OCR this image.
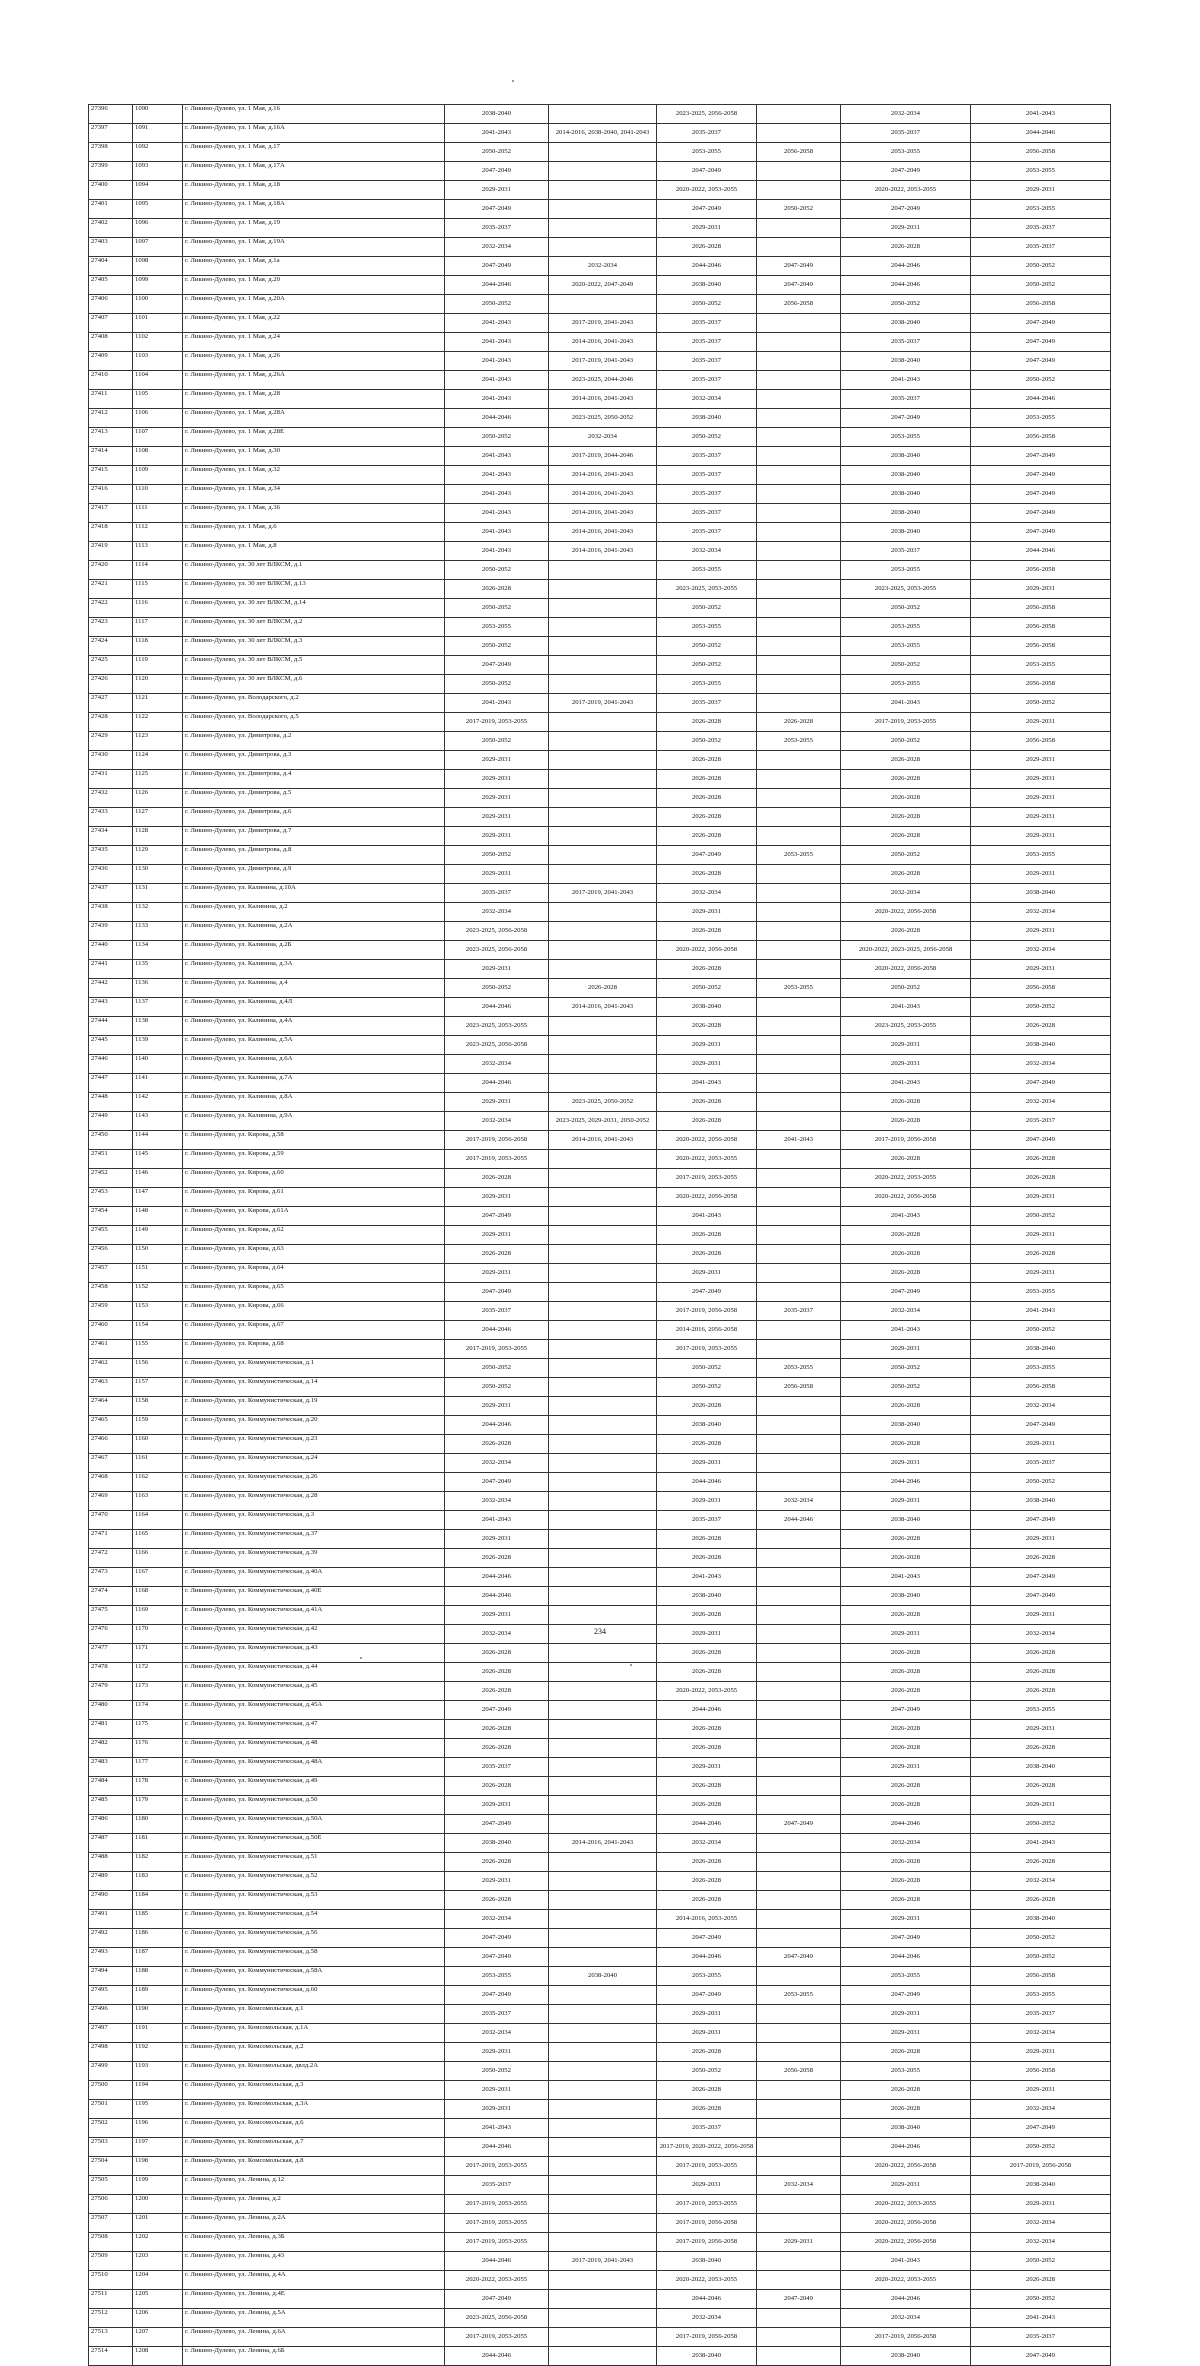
27396	1090	г. Ликино-Дулево, ул. 1 Мая, д.16	2038-2040		2023-2025, 2056-2058		2032-2034	2041-2043
27397	1091	г. Ликино-Дулево, ул. 1 Мая, д.16А	2041-2043	2014-2016, 2038-2040, 2041-2043	2035-2037		2035-2037	2044-2046
27398	1092	г. Ликино-Дулево, ул. 1 Мая, д.17	2050-2052		2053-2055	2056-2058	2053-2055	2056-2058
27399	1093	г. Ликино-Дулево, ул. 1 Мая, д.17А	2047-2049		2047-2049		2047-2049	2053-2055
27400	1094	г. Ликино-Дулево, ул. 1 Мая, д.18	2029-2031		2020-2022, 2053-2055		2020-2022, 2053-2055	2029-2031
27401	1095	г. Ликино-Дулево, ул. 1 Мая, д.18А	2047-2049		2047-2049	2050-2052	2047-2049	2053-2055
27402	1096	г. Ликино-Дулево, ул. 1 Мая, д.19	2035-2037		2029-2031		2029-2031	2035-2037
27403	1097	г. Ликино-Дулево, ул. 1 Мая, д.19А	2032-2034		2026-2028		2026-2028	2035-2037
27404	1098	г. Ликино-Дулево, ул. 1 Мая, д.1а	2047-2049	2032-2034	2044-2046	2047-2049	2044-2046	2050-2052
27405	1099	г. Ликино-Дулево, ул. 1 Мая, д.20	2044-2046	2020-2022, 2047-2049	2038-2040	2047-2049	2044-2046	2050-2052
27406	1100	г. Ликино-Дулево, ул. 1 Мая, д.20А	2050-2052		2050-2052	2056-2058	2050-2052	2056-2058
27407	1101	г. Ликино-Дулево, ул. 1 Мая, д.22	2041-2043	2017-2019, 2041-2043	2035-2037		2038-2040	2047-2049
27408	1102	г. Ликино-Дулево, ул. 1 Мая, д.24	2041-2043	2014-2016, 2041-2043	2035-2037		2035-2037	2047-2049
27409	1103	г. Ликино-Дулево, ул. 1 Мая, д.26	2041-2043	2017-2019, 2041-2043	2035-2037		2038-2040	2047-2049
27410	1104	г. Ликино-Дулево, ул. 1 Мая, д.26А	2041-2043	2023-2025, 2044-2046	2035-2037		2041-2043	2050-2052
27411	1105	г. Ликино-Дулево, ул. 1 Мая, д.28	2041-2043	2014-2016, 2041-2043	2032-2034		2035-2037	2044-2046
27412	1106	г. Ликино-Дулево, ул. 1 Мая, д.28А	2044-2046	2023-2025, 2050-2052	2038-2040		2047-2049	2053-2055
27413	1107	г. Ликино-Дулево, ул. 1 Мая, д.28Е	2050-2052	2032-2034	2050-2052		2053-2055	2056-2058
27414	1108	г. Ликино-Дулево, ул. 1 Мая, д.30	2041-2043	2017-2019, 2044-2046	2035-2037		2038-2040	2047-2049
27415	1109	г. Ликино-Дулево, ул. 1 Мая, д.32	2041-2043	2014-2016, 2041-2043	2035-2037		2038-2040	2047-2049
27416	1110	г. Ликино-Дулево, ул. 1 Мая, д.34	2041-2043	2014-2016, 2041-2043	2035-2037		2038-2040	2047-2049
27417	1111	г. Ликино-Дулево, ул. 1 Мая, д.36	2041-2043	2014-2016, 2041-2043	2035-2037		2038-2040	2047-2049
27418	1112	г. Ликино-Дулево, ул. 1 Мая, д.6	2041-2043	2014-2016, 2041-2043	2035-2037		2038-2040	2047-2049
27419	1113	г. Ликино-Дулево, ул. 1 Мая, д.8	2041-2043	2014-2016, 2041-2043	2032-2034		2035-2037	2044-2046
27420	1114	г. Ликино-Дулево, ул. 30 лет ВЛКСМ, д.1	2050-2052		2053-2055		2053-2055	2056-2058
27421	1115	г. Ликино-Дулево, ул. 30 лет ВЛКСМ, д.13	2026-2028		2023-2025, 2053-2055		2023-2025, 2053-2055	2029-2031
27422	1116	г. Ликино-Дулево, ул. 30 лет ВЛКСМ, д.14	2050-2052		2050-2052		2050-2052	2056-2058
27423	1117	г. Ликино-Дулево, ул. 30 лет ВЛКСМ, д.2	2053-2055		2053-2055		2053-2055	2056-2058
27424	1118	г. Ликино-Дулево, ул. 30 лет ВЛКСМ, д.3	2050-2052		2050-2052		2053-2055	2056-2058
27425	1119	г. Ликино-Дулево, ул. 30 лет ВЛКСМ, д.5	2047-2049		2050-2052		2050-2052	2053-2055
27426	1120	г. Ликино-Дулево, ул. 30 лет ВЛКСМ, д.6	2050-2052		2053-2055		2053-2055	2056-2058
27427	1121	г. Ликино-Дулево, ул. Володарского, д.2	2041-2043	2017-2019, 2041-2043	2035-2037		2041-2043	2050-2052
27428	1122	г. Ликино-Дулево, ул. Володарского, д.5	2017-2019, 2053-2055		2026-2028	2026-2028	2017-2019, 2053-2055	2029-2031
27429	1123	г. Ликино-Дулево, ул. Димитрова, д.2	2050-2052		2050-2052	2053-2055	2050-2052	2056-2058
27430	1124	г. Ликино-Дулево, ул. Димитрова, д.3	2029-2031		2026-2028		2026-2028	2029-2031
27431	1125	г. Ликино-Дулево, ул. Димитрова, д.4	2029-2031		2026-2028		2026-2028	2029-2031
27432	1126	г. Ликино-Дулево, ул. Димитрова, д.5	2029-2031		2026-2028		2026-2028	2029-2031
27433	1127	г. Ликино-Дулево, ул. Димитрова, д.6	2029-2031		2026-2028		2026-2028	2029-2031
27434	1128	г. Ликино-Дулево, ул. Димитрова, д.7	2029-2031		2026-2028		2026-2028	2029-2031
27435	1129	г. Ликино-Дулево, ул. Димитрова, д.8	2050-2052		2047-2049	2053-2055	2050-2052	2053-2055
27436	1130	г. Ликино-Дулево, ул. Димитрова, д.9	2029-2031		2026-2028		2026-2028	2029-2031
27437	1131	г. Ликино-Дулево, ул. Калинина, д.10А	2035-2037	2017-2019, 2041-2043	2032-2034		2032-2034	2038-2040
27438	1132	г. Ликино-Дулево, ул. Калинина, д.2	2032-2034		2029-2031		2020-2022, 2056-2058	2032-2034
27439	1133	г. Ликино-Дулево, ул. Калинина, д.2А	2023-2025, 2056-2058		2026-2028		2026-2028	2029-2031
27440	1134	г. Ликино-Дулево, ул. Калинина, д.2Б	2023-2025, 2056-2058		2020-2022, 2056-2058		2020-2022, 2023-2025, 2056-2058	2032-2034
27441	1135	г. Ликино-Дулево, ул. Калинина, д.3А	2029-2031		2026-2028		2020-2022, 2056-2058	2029-2031
27442	1136	г. Ликино-Дулево, ул. Калинина, д.4	2050-2052	2026-2028	2050-2052	2053-2055	2050-2052	2056-2058
27443	1137	г. Ликино-Дулево, ул. Калинина, д.4Л	2044-2046	2014-2016, 2041-2043	2038-2040		2041-2043	2050-2052
27444	1138	г. Ликино-Дулево, ул. Калинина, д.4А	2023-2025, 2053-2055		2026-2028		2023-2025, 2053-2055	2026-2028
27445	1139	г. Ликино-Дулево, ул. Калинина, д.5А	2023-2025, 2056-2058		2029-2031		2029-2031	2038-2040
27446	1140	г. Ликино-Дулево, ул. Калинина, д.6А	2032-2034		2029-2031		2029-2031	2032-2034
27447	1141	г. Ликино-Дулево, ул. Калинина, д.7А	2044-2046		2041-2043		2041-2043	2047-2049
27448	1142	г. Ликино-Дулево, ул. Калинина, д.8А	2029-2031	2023-2025, 2050-2052	2026-2028		2026-2028	2032-2034
27449	1143	г. Ликино-Дулево, ул. Калинина, д.9А	2032-2034	2023-2025, 2029-2031, 2050-2052	2026-2028		2026-2028	2035-2037
27450	1144	г. Ликино-Дулево, ул. Кирова, д.58	2017-2019, 2056-2058	2014-2016, 2041-2043	2020-2022, 2056-2058	2041-2043	2017-2019, 2056-2058	2047-2049
27451	1145	г. Ликино-Дулево, ул. Кирова, д.59	2017-2019, 2053-2055		2020-2022, 2053-2055		2026-2028	2026-2028
27452	1146	г. Ликино-Дулево, ул. Кирова, д.60	2026-2028		2017-2019, 2053-2055		2020-2022, 2053-2055	2026-2028
27453	1147	г. Ликино-Дулево, ул. Кирова, д.61	2029-2031		2020-2022, 2056-2058		2020-2022, 2056-2058	2029-2031
27454	1148	г. Ликино-Дулево, ул. Кирова, д.61А	2047-2049		2041-2043		2041-2043	2050-2052
27455	1149	г. Ликино-Дулево, ул. Кирова, д.62	2029-2031		2026-2028		2026-2028	2029-2031
27456	1150	г. Ликино-Дулево, ул. Кирова, д.63	2026-2028		2026-2028		2026-2028	2026-2028
27457	1151	г. Ликино-Дулево, ул. Кирова, д.64	2029-2031		2029-2031		2026-2028	2029-2031
27458	1152	г. Ликино-Дулево, ул. Кирова, д.65	2047-2049		2047-2049		2047-2049	2053-2055
27459	1153	г. Ликино-Дулево, ул. Кирова, д.66	2035-2037		2017-2019, 2056-2058	2035-2037	2032-2034	2041-2043
27460	1154	г. Ликино-Дулево, ул. Кирова, д.67	2044-2046		2014-2016, 2056-2058		2041-2043	2050-2052
27461	1155	г. Ликино-Дулево, ул. Кирова, д.68	2017-2019, 2053-2055		2017-2019, 2053-2055		2029-2031	2038-2040
27462	1156	г. Ликино-Дулево, ул. Коммунистическая, д.1	2050-2052		2050-2052	2053-2055	2050-2052	2053-2055
27463	1157	г. Ликино-Дулево, ул. Коммунистическая, д.14	2050-2052		2050-2052	2056-2058	2050-2052	2056-2058
27464	1158	г. Ликино-Дулево, ул. Коммунистическая, д.19	2029-2031		2026-2028		2026-2028	2032-2034
27465	1159	г. Ликино-Дулево, ул. Коммунистическая, д.20	2044-2046		2038-2040		2038-2040	2047-2049
27466	1160	г. Ликино-Дулево, ул. Коммунистическая, д.23	2026-2028		2026-2028		2026-2028	2029-2031
27467	1161	г. Ликино-Дулево, ул. Коммунистическая, д.24	2032-2034		2029-2031		2029-2031	2035-2037
27468	1162	г. Ликино-Дулево, ул. Коммунистическая, д.26	2047-2049		2044-2046		2044-2046	2050-2052
27469	1163	г. Ликино-Дулево, ул. Коммунистическая, д.28	2032-2034		2029-2031	2032-2034	2029-2031	2038-2040
27470	1164	г. Ликино-Дулево, ул. Коммунистическая, д.3	2041-2043		2035-2037	2044-2046	2038-2040	2047-2049
27471	1165	г. Ликино-Дулево, ул. Коммунистическая, д.37	2029-2031		2026-2028		2026-2028	2029-2031
27472	1166	г. Ликино-Дулево, ул. Коммунистическая, д.39	2026-2028		2026-2028		2026-2028	2026-2028
27473	1167	г. Ликино-Дулево, ул. Коммунистическая, д.40А	2044-2046		2041-2043		2041-2043	2047-2049
27474	1168	г. Ликино-Дулево, ул. Коммунистическая, д.40Е	2044-2046		2038-2040		2038-2040	2047-2049
27475	1169	г. Ликино-Дулево, ул. Коммунистическая, д.41А	2029-2031		2026-2028		2026-2028	2029-2031
27476	1170	г. Ликино-Дулево, ул. Коммунистическая, д.42	2032-2034		2029-2031		2029-2031	2032-2034
27477	1171	г. Ликино-Дулево, ул. Коммунистическая, д.43	2026-2028		2026-2028		2026-2028	2026-2028
27478	1172	г. Ликино-Дулево, ул. Коммунистическая, д.44	2026-2028		2026-2028		2026-2028	2026-2028
27479	1173	г. Ликино-Дулево, ул. Коммунистическая, д.45	2026-2028		2020-2022, 2053-2055		2026-2028	2026-2028
27480	1174	г. Ликино-Дулево, ул. Коммунистическая, д.45А	2047-2049		2044-2046		2047-2049	2053-2055
27481	1175	г. Ликино-Дулево, ул. Коммунистическая, д.47	2026-2028		2026-2028		2026-2028	2029-2031
27482	1176	г. Ликино-Дулево, ул. Коммунистическая, д.48	2026-2028		2026-2028		2026-2028	2026-2028
27483	1177	г. Ликино-Дулево, ул. Коммунистическая, д.48А	2035-2037		2029-2031		2029-2031	2038-2040
27484	1178	г. Ликино-Дулево, ул. Коммунистическая, д.49	2026-2028		2026-2028		2026-2028	2026-2028
27485	1179	г. Ликино-Дулево, ул. Коммунистическая, д.50	2029-2031		2026-2028		2026-2028	2029-2031
27486	1180	г. Ликино-Дулево, ул. Коммунистическая, д.50А	2047-2049		2044-2046	2047-2049	2044-2046	2050-2052
27487	1181	г. Ликино-Дулево, ул. Коммунистическая, д.50Е	2038-2040	2014-2016, 2041-2043	2032-2034		2032-2034	2041-2043
27488	1182	г. Ликино-Дулево, ул. Коммунистическая, д.51	2026-2028		2026-2028		2026-2028	2026-2028
27489	1183	г. Ликино-Дулево, ул. Коммунистическая, д.52	2029-2031		2026-2028		2026-2028	2032-2034
27490	1184	г. Ликино-Дулево, ул. Коммунистическая, д.53	2026-2028		2026-2028		2026-2028	2026-2028
27491	1185	г. Ликино-Дулево, ул. Коммунистическая, д.54	2032-2034		2014-2016, 2053-2055		2029-2031	2038-2040
27492	1186	г. Ликино-Дулево, ул. Коммунистическая, д.56	2047-2049		2047-2049		2047-2049	2050-2052
27493	1187	г. Ликино-Дулево, ул. Коммунистическая, д.58	2047-2049		2044-2046	2047-2049	2044-2046	2050-2052
27494	1188	г. Ликино-Дулево, ул. Коммунистическая, д.58А	2053-2055	2038-2040	2053-2055		2053-2055	2056-2058
27495	1189	г. Ликино-Дулево, ул. Коммунистическая, д.60	2047-2049		2047-2049	2053-2055	2047-2049	2053-2055
27496	1190	г. Ликино-Дулево, ул. Комсомольская, д.1	2035-2037		2029-2031		2029-2031	2035-2037
27497	1191	г. Ликино-Дулево, ул. Комсомольская, д.1А	2032-2034		2029-2031		2029-2031	2032-2034
27498	1192	г. Ликино-Дулево, ул. Комсомольская, д.2	2029-2031		2026-2028		2026-2028	2029-2031
27499	1193	г. Ликино-Дулево, ул. Комсомольская, двлд.2А	2050-2052		2050-2052	2056-2058	2053-2055	2056-2058
27500	1194	г. Ликино-Дулево, ул. Комсомольская, д.3	2029-2031		2026-2028		2026-2028	2029-2031
27501	1195	г. Ликино-Дулево, ул. Комсомольская, д.3А	2029-2031		2026-2028		2026-2028	2032-2034
27502	1196	г. Ликино-Дулево, ул. Комсомольская, д.6	2041-2043		2035-2037		2038-2040	2047-2049
27503	1197	г. Ликино-Дулево, ул. Комсомольская, д.7	2044-2046		2017-2019, 2020-2022, 2056-2058		2044-2046	2050-2052
27504	1198	г. Ликино-Дулево, ул. Комсомольская, д.8	2017-2019, 2053-2055		2017-2019, 2053-2055		2020-2022, 2056-2058	2017-2019, 2056-2058
27505	1199	г. Ликино-Дулево, ул. Ленина, д.12	2035-2037		2029-2031	2032-2034	2029-2031	2038-2040
27506	1200	г. Ликино-Дулево, ул. Ленина, д.2	2017-2019, 2053-2055		2017-2019, 2053-2055		2020-2022, 2053-2055	2029-2031
27507	1201	г. Ликино-Дулево, ул. Ленина, д.2А	2017-2019, 2053-2055		2017-2019, 2056-2058		2020-2022, 2056-2058	2032-2034
27508	1202	г. Ликино-Дулево, ул. Ленина, д.3Б	2017-2019, 2053-2055		2017-2019, 2056-2058	2029-2031	2020-2022, 2056-2058	2032-2034
27509	1203	г. Ликино-Дулево, ул. Ленина, д.43	2044-2046	2017-2019, 2041-2043	2038-2040		2041-2043	2050-2052
27510	1204	г. Ликино-Дулево, ул. Ленина, д.4А	2020-2022, 2053-2055		2020-2022, 2053-2055		2020-2022, 2053-2055	2026-2028
27511	1205	г. Ликино-Дулево, ул. Ленина, д.4Е	2047-2049		2044-2046	2047-2049	2044-2046	2050-2052
27512	1206	г. Ликино-Дулево, ул. Ленина, д.5А	2023-2025, 2056-2058		2032-2034		2032-2034	2041-2043
27513	1207	г. Ликино-Дулево, ул. Ленина, д.6А	2017-2019, 2053-2055		2017-2019, 2056-2058		2017-2019, 2056-2058	2035-2037
27514	1208	г. Ликино-Дулево, ул. Ленина, д.6Б	2044-2046		2038-2040		2038-2040	2047-2049
234
